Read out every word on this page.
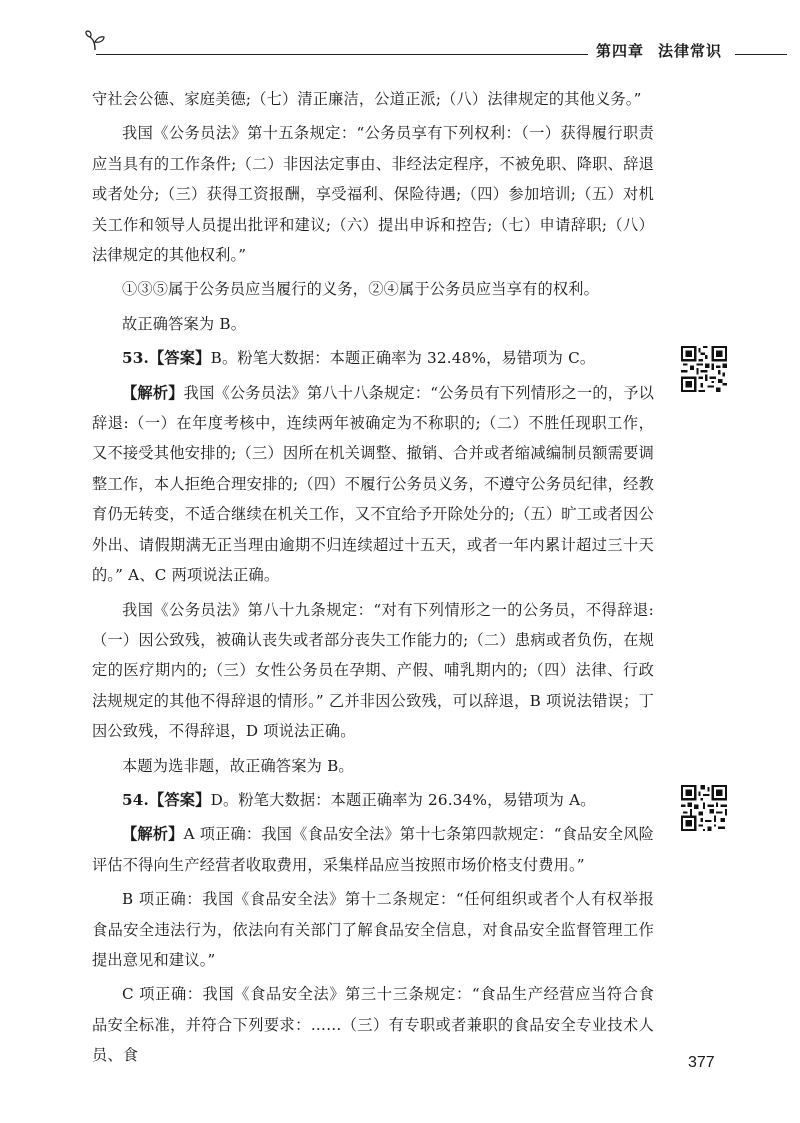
第四章 法律常识

守社会公德、家庭美德;（七）清正廉洁，公道正派;（八）法律规定的其他义务。”

我国《公务员法》第十五条规定：“公务员享有下列权利：（一）获得履行职责应当具有的工作条件;（二）非因法定事由、非经法定程序，不被免职、降职、辞退或者处分;（三）获得工资报酬，享受福利、保险待遇;（四）参加培训;（五）对机关工作和领导人员提出批评和建议;（六）提出申诉和控告;（七）申请辞职;（八）法律规定的其他权利。”

①③⑤属于公务员应当履行的义务，②④属于公务员应当享有的权利。

故正确答案为 B。

53.【答案】B。粉笔大数据：本题正确率为 32.48%，易错项为 C。

【解析】我国《公务员法》第八十八条规定：“公务员有下列情形之一的，予以辞退:（一）在年度考核中，连续两年被确定为不称职的;（二）不胜任现职工作，又不接受其他安排的;（三）因所在机关调整、撤销、合并或者缩减编制员额需要调整工作，本人拒绝合理安排的;（四）不履行公务员义务，不遵守公务员纪律，经教育仍无转变，不适合继续在机关工作，又不宜给予开除处分的;（五）旷工或者因公外出、请假期满无正当理由逾期不归连续超过十五天，或者一年内累计超过三十天的。” A、C 两项说法正确。

我国《公务员法》第八十九条规定：“对有下列情形之一的公务员，不得辞退:（一）因公致残，被确认丧失或者部分丧失工作能力的;（二）患病或者负伤，在规定的医疗期内的;（三）女性公务员在孕期、产假、哺乳期内的;（四）法律、行政法规规定的其他不得辞退的情形。” 乙并非因公致残，可以辞退，B 项说法错误；丁因公致残，不得辞退，D 项说法正确。

本题为选非题，故正确答案为 B。

54.【答案】D。粉笔大数据：本题正确率为 26.34%，易错项为 A。

【解析】A 项正确：我国《食品安全法》第十七条第四款规定：“食品安全风险评估不得向生产经营者收取费用，采集样品应当按照市场价格支付费用。”

B 项正确：我国《食品安全法》第十二条规定：“任何组织或者个人有权举报食品安全违法行为，依法向有关部门了解食品安全信息，对食品安全监督管理工作提出意见和建议。”

C 项正确：我国《食品安全法》第三十三条规定：“食品生产经营应当符合食品安全标准，并符合下列要求：……（三）有专职或者兼职的食品安全专业技术人员、食	377
